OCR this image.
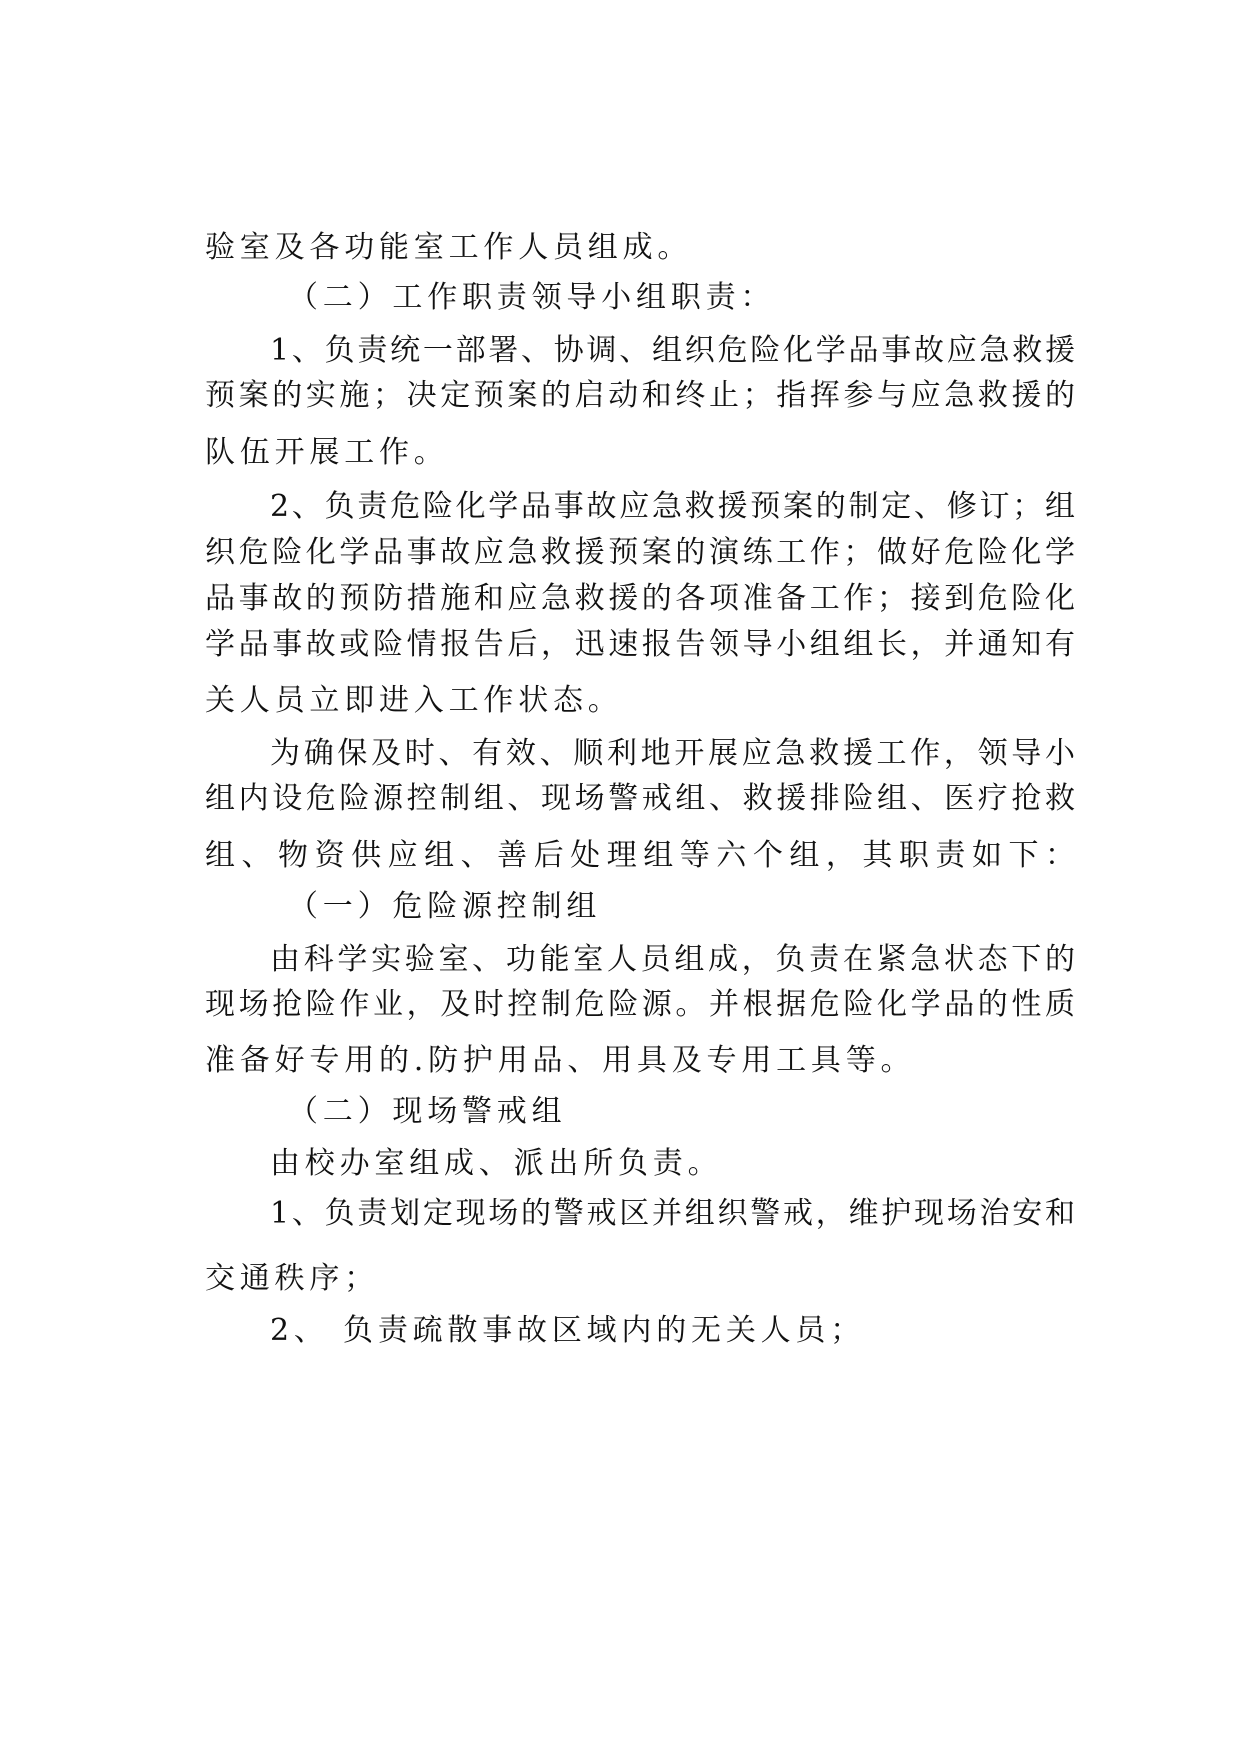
验室及各功能室工作人员组成。
（二）工作职责领导小组职责：
1、负责统一部署、协调、组织危险化学品事故应急救援
预案的实施；决定预案的启动和终止；指挥参与应急救援的
队伍开展工作。
2、负责危险化学品事故应急救援预案的制定、修订；组
织危险化学品事故应急救援预案的演练工作；做好危险化学
品事故的预防措施和应急救援的各项准备工作；接到危险化
学品事故或险情报告后，迅速报告领导小组组长，并通知有
关人员立即进入工作状态。
为确保及时、有效、顺利地开展应急救援工作，领导小
组内设危险源控制组、现场警戒组、救援排险组、医疗抢救
组、物资供应组、善后处理组等六个组，其职责如下：
（一）危险源控制组
由科学实验室、功能室人员组成，负责在紧急状态下的
现场抢险作业，及时控制危险源。并根据危险化学品的性质
准备好专用的.防护用品、用具及专用工具等。
（二）现场警戒组
由校办室组成、派出所负责。
1、负责划定现场的警戒区并组织警戒，维护现场治安和
交通秩序；
2、 负责疏散事故区域内的无关人员；
